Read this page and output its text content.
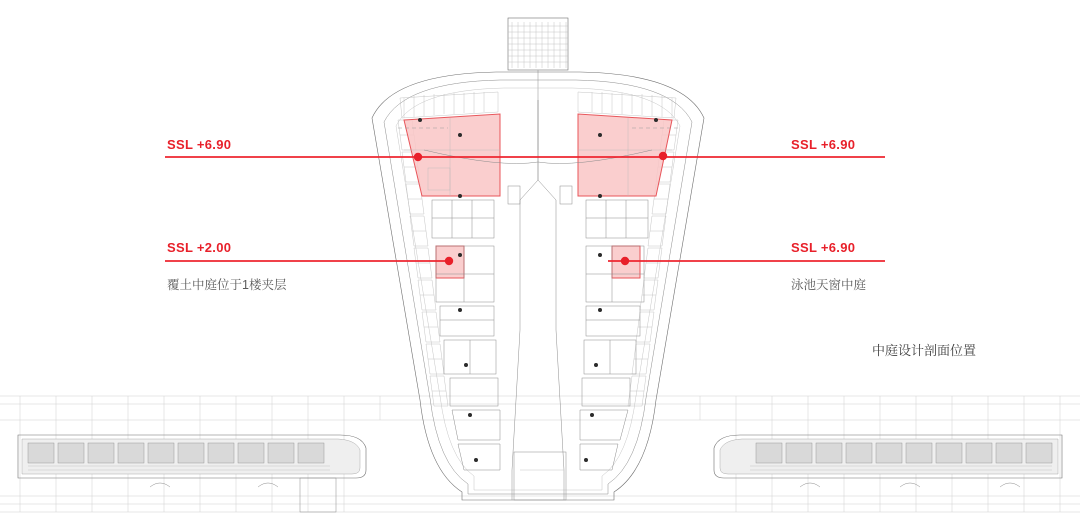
SSL +6.90	SSL +6.90
SSL +2.00	SSL +6.90
覆土中庭位于1楼夹层	泳池天窗中庭
中庭设计剖面位置
